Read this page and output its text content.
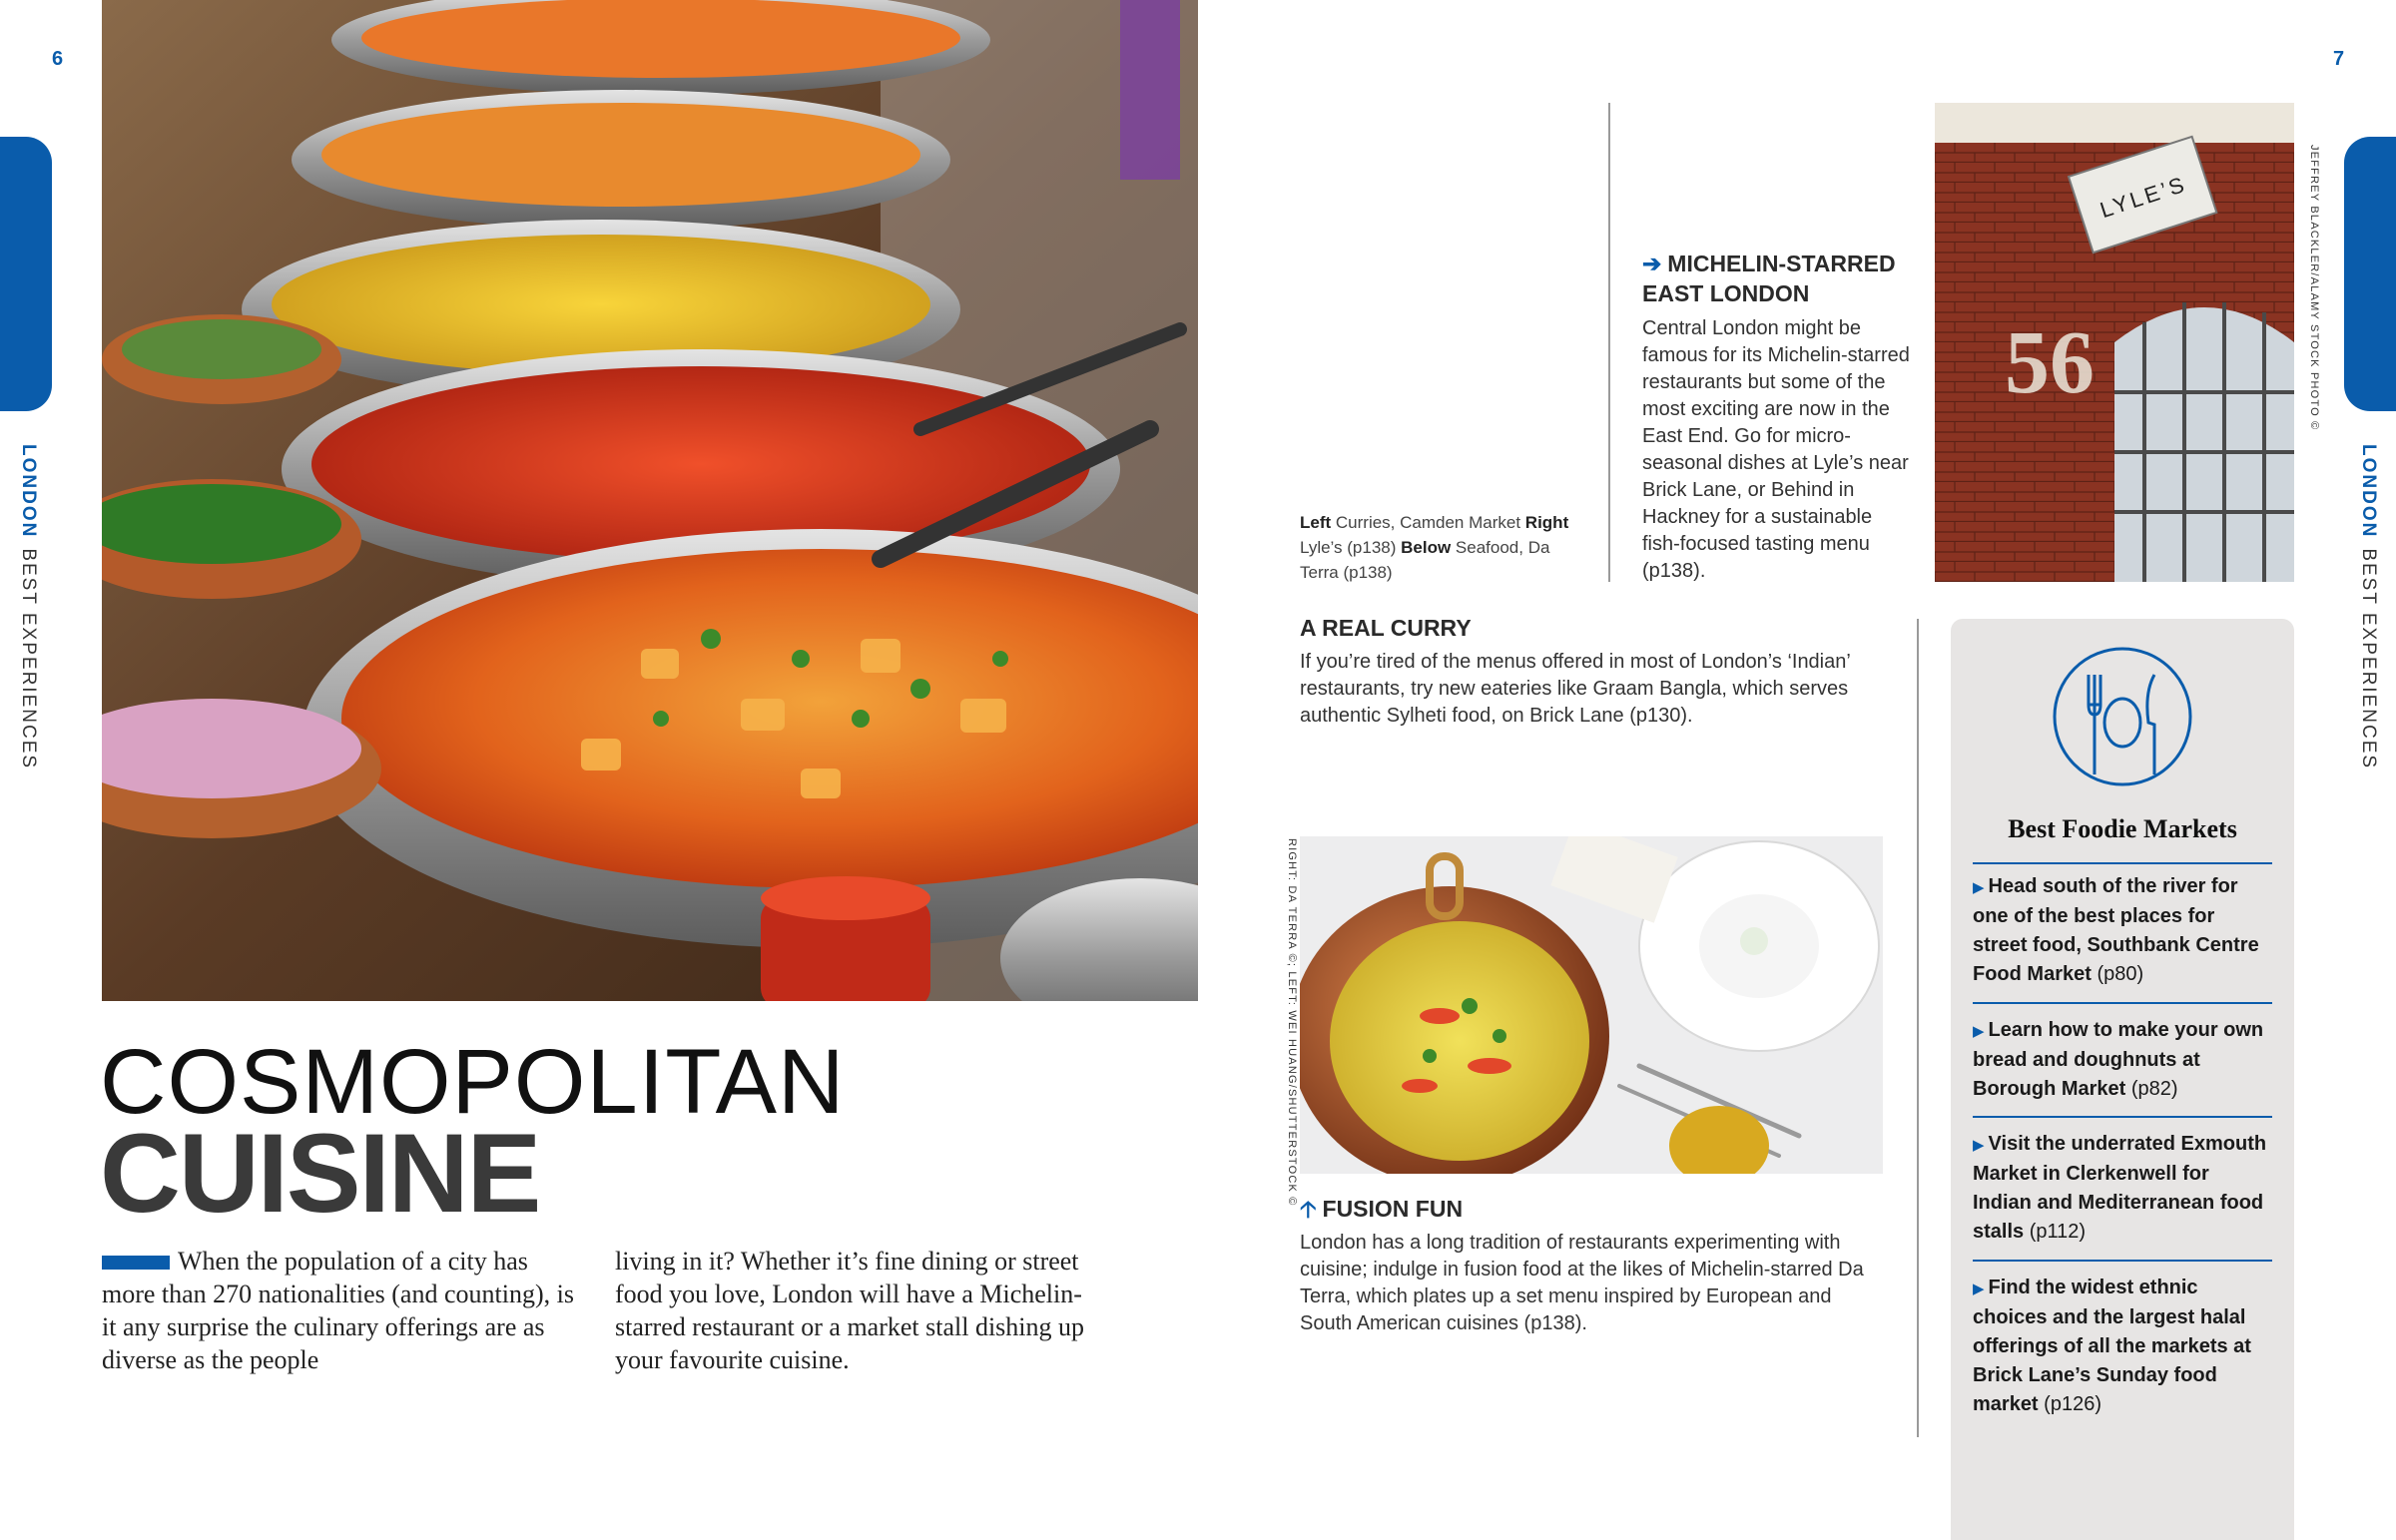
6
LONDONBEST EXPERIENCES
COSMOPOLITAN
CUISINE
When the population of a city has more than 270 nationalities (and counting), is it any surprise the culinary offerings are as diverse as the people
living in it? Whether it’s fine dining or street food you love, London will have a Michelin-starred restaurant or a market stall dishing up your favourite cuisine.
7
LONDONBEST EXPERIENCES
JEFFREY BLACKLER/ALAMY STOCK PHOTO ©
RIGHT: DA TERRA ©; LEFT: WEI HUANG/SHUTTERSTOCK ©
Left Curries, Camden Market Right Lyle’s (p138) Below Seafood, Da Terra (p138)
➔ MICHELIN-STARRED EAST LONDON
Central London might be famous for its Michelin-starred restaurants but some of the most exciting are now in the East End. Go for micro-seasonal dishes at Lyle’s near Brick Lane, or Behind in Hackney for a sustainable fish-focused tasting menu (p138).
LYLE’S
56
A REAL CURRY
If you’re tired of the menus offered in most of London’s ‘Indian’ restaurants, try new eateries like Graam Bangla, which serves authentic Sylheti food, on Brick Lane (p130).
🡡 FUSION FUN
London has a long tradition of restaurants experimenting with cuisine; indulge in fusion food at the likes of Michelin-starred Da Terra, which plates up a set menu inspired by European and South American cuisines (p138).
Best Foodie Markets
▶ Head south of the river for one of the best places for street food, Southbank Centre Food Market (p80)
▶ Learn how to make your own bread and doughnuts at Borough Market (p82)
▶ Visit the underrated Exmouth Market in Clerkenwell for Indian and Mediterranean food stalls (p112)
▶ Find the widest ethnic choices and the largest halal offerings of all the markets at Brick Lane’s Sunday food market (p126)
